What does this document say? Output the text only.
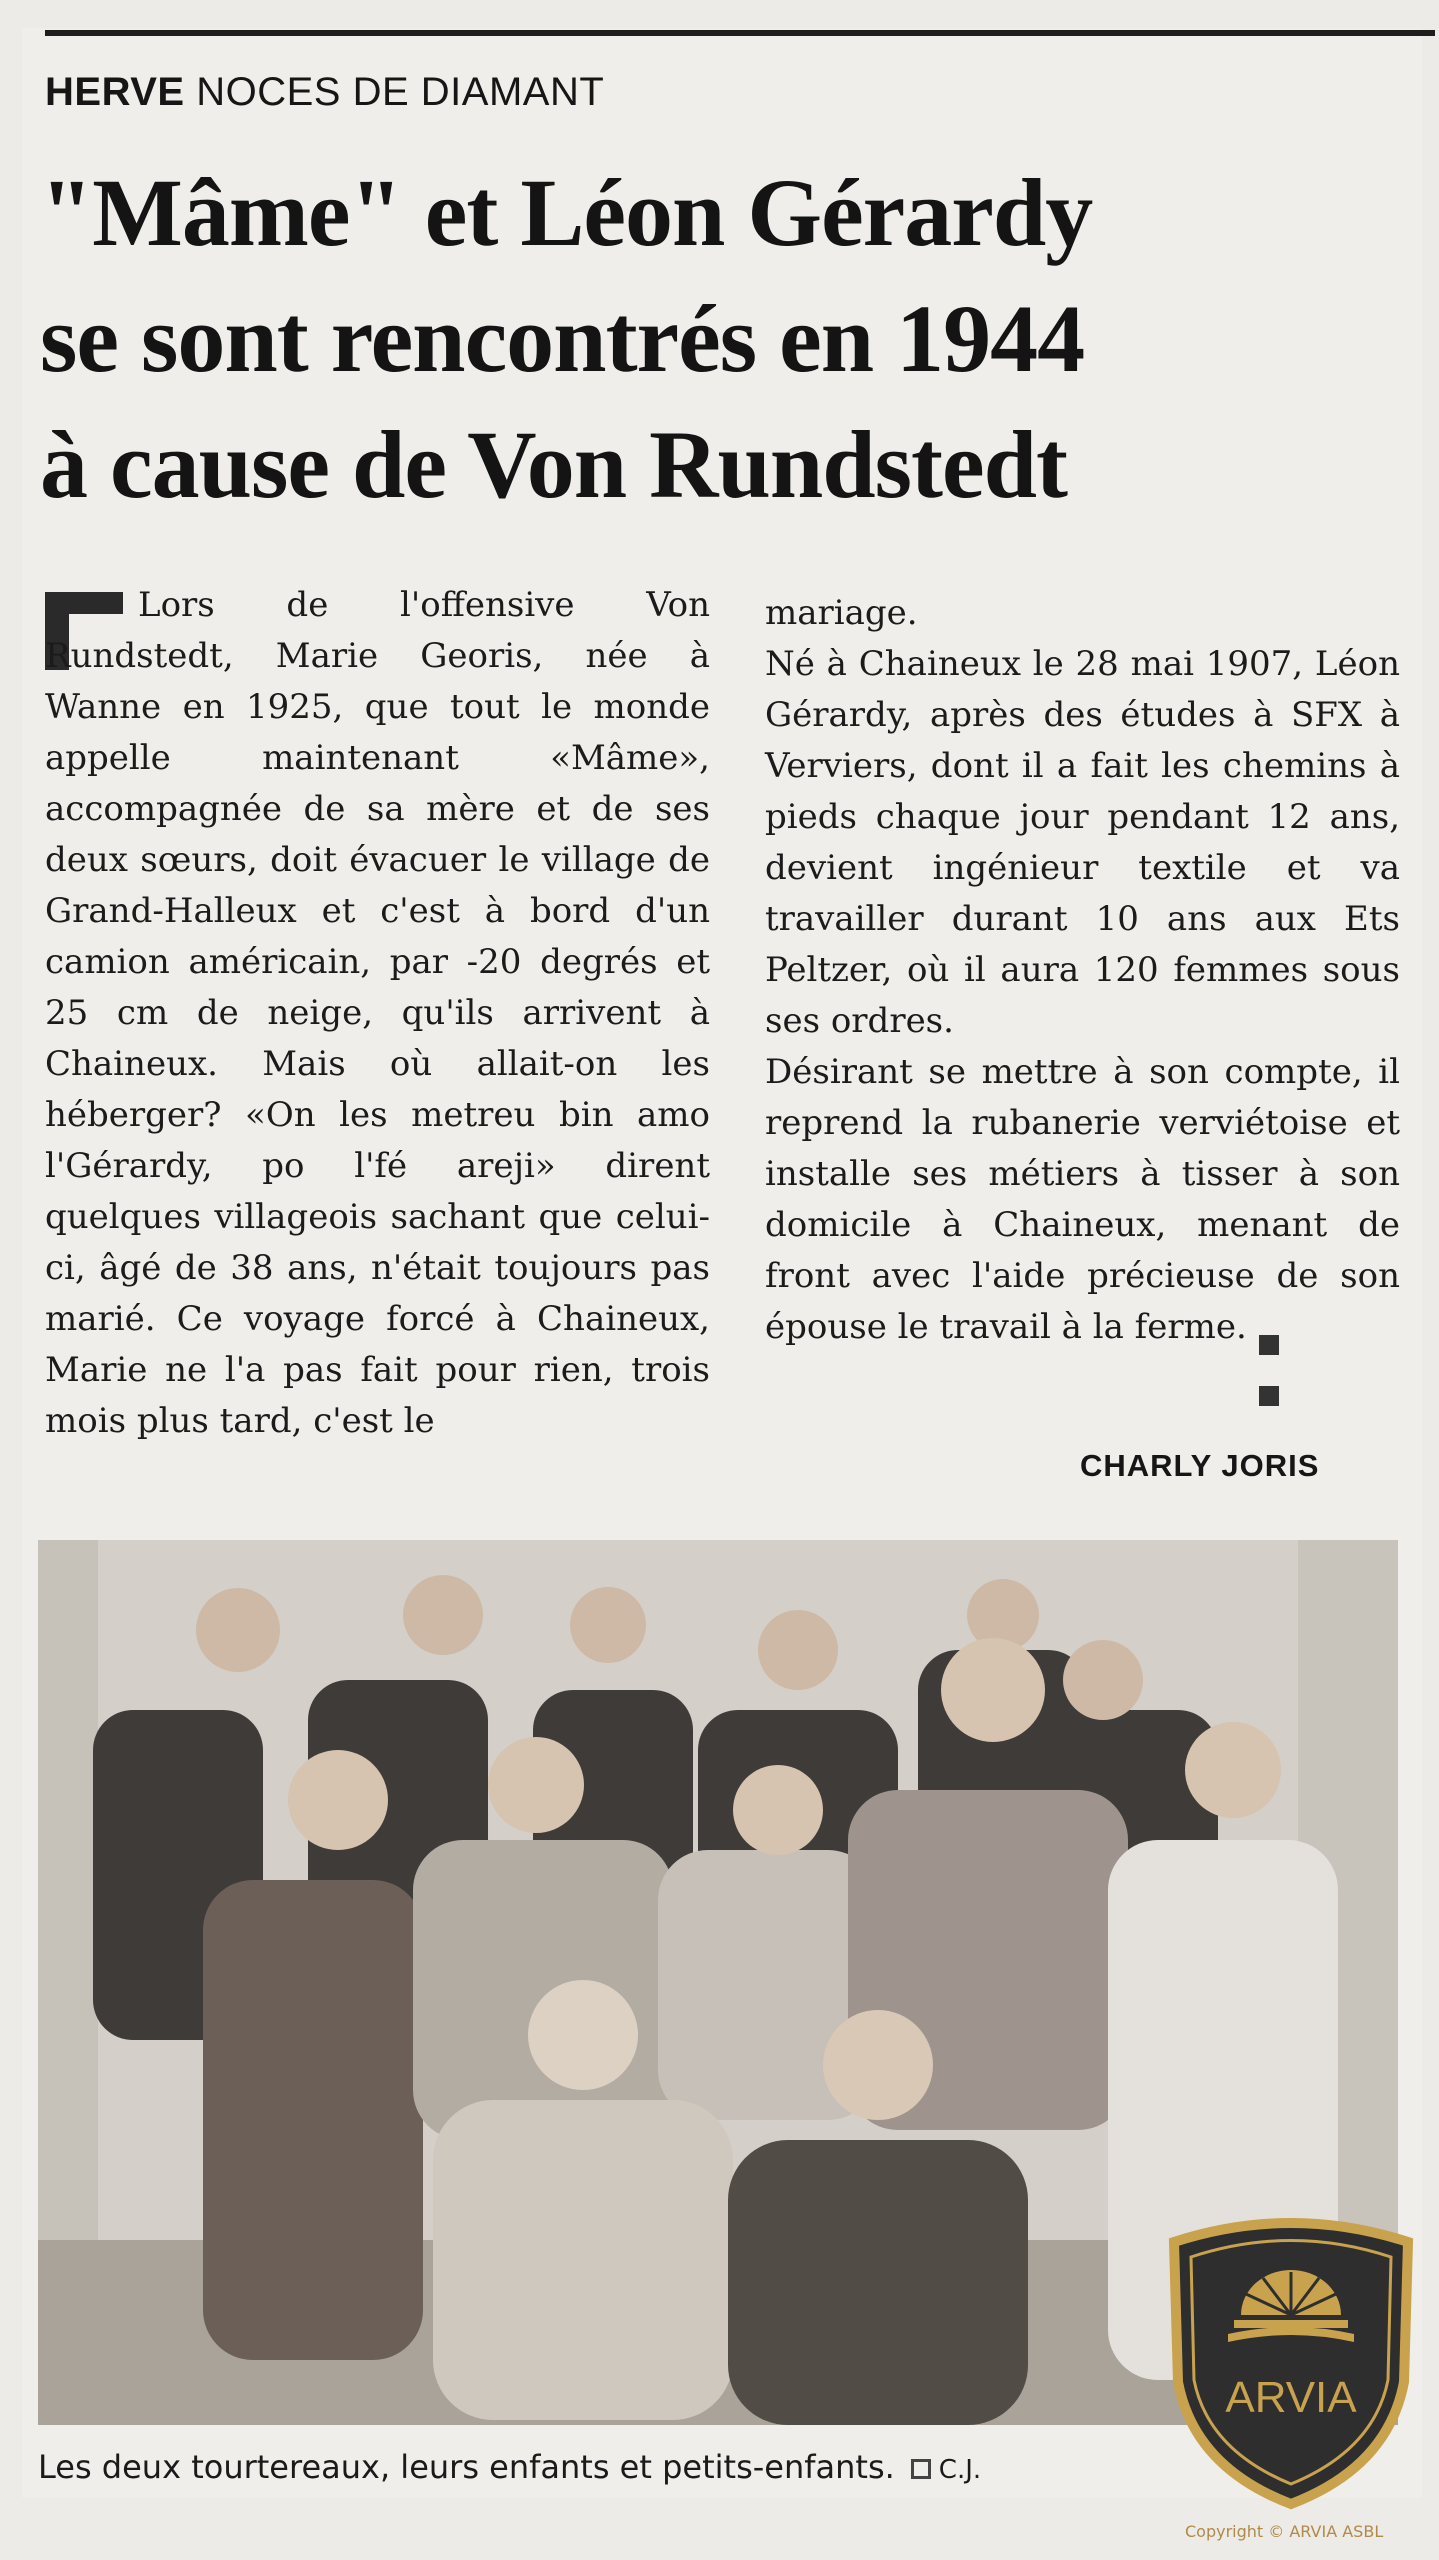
HERVE NOCES DE DIAMANT
"Mâme" et Léon Gérardy
se sont rencontrés en 1944
à cause de Von Rundstedt

Lors de l'offensive Von Rundstedt, Marie Georis, née à Wanne en 1925, que tout le monde appelle maintenant «Mâme», accompagnée de sa mère et de ses deux sœurs, doit évacuer le village de Grand-Halleux et c'est à bord d'un camion américain, par -20 degrés et 25 cm de neige, qu'ils arrivent à Chaineux. Mais où allait-on les héberger? «On les metreu bin amo l'Gérardy, po l'fé areji» dirent quelques villageois sachant que celui-ci, âgé de 38 ans, n'était toujours pas marié. Ce voyage forcé à Chaineux, Marie ne l'a pas fait pour rien, trois mois plus tard, c'est le

mariage.

Né à Chaineux le 28 mai 1907, Léon Gérardy, après des études à SFX à Verviers, dont il a fait les chemins à pieds chaque jour pendant 12 ans, devient ingénieur textile et va travailler durant 10 ans aux Ets Peltzer, où il aura 120 femmes sous ses ordres.

Désirant se mettre à son compte, il reprend la rubanerie verviétoise et installe ses métiers à tisser à son domicile à Chaineux, menant de front avec l'aide précieuse de son épouse le travail à la ferme.

CHARLY JORIS
Les deux tourtereaux, leurs enfants et petits-enfants. C.J.
ARVIA
Copyright © ARVIA ASBL
